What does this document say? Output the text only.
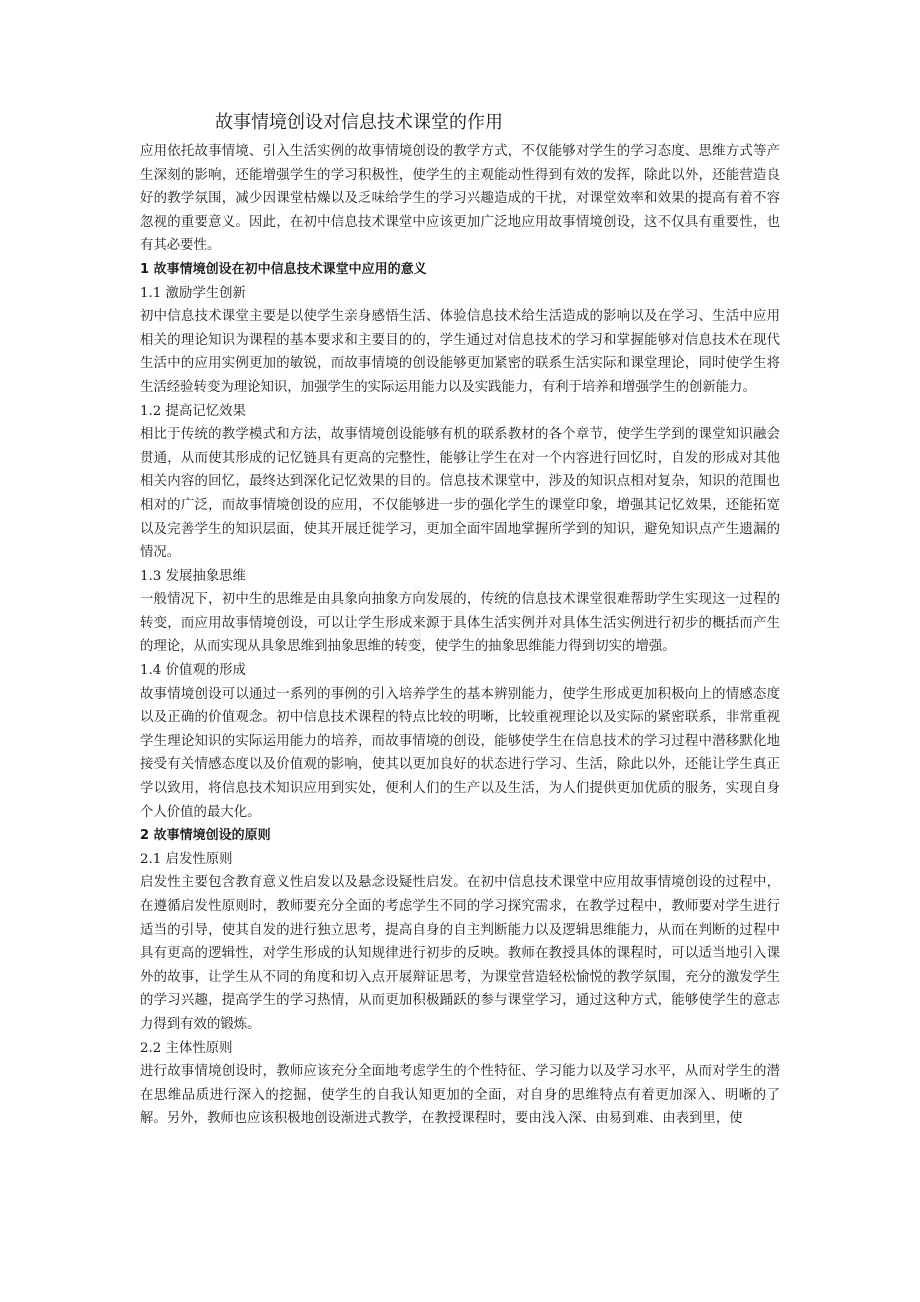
故事情境创设对信息技术课堂的作用

应用依托故事情境、引入生活实例的故事情境创设的教学方式，不仅能够对学生的学习态度、思维方式等产生深刻的影响，还能增强学生的学习积极性，使学生的主观能动性得到有效的发挥，除此以外，还能营造良好的教学氛围，减少因课堂枯燥以及乏味给学生的学习兴趣造成的干扰，对课堂效率和效果的提高有着不容忽视的重要意义。因此，在初中信息技术课堂中应该更加广泛地应用故事情境创设，这不仅具有重要性，也有其必要性。

1 故事情境创设在初中信息技术课堂中应用的意义

1.1 激励学生创新

初中信息技术课堂主要是以使学生亲身感悟生活、体验信息技术给生活造成的影响以及在学习、生活中应用相关的理论知识为课程的基本要求和主要目的的，学生通过对信息技术的学习和掌握能够对信息技术在现代生活中的应用实例更加的敏锐，而故事情境的创设能够更加紧密的联系生活实际和课堂理论，同时使学生将生活经验转变为理论知识，加强学生的实际运用能力以及实践能力，有利于培养和增强学生的创新能力。

1.2 提高记忆效果

相比于传统的教学模式和方法，故事情境创设能够有机的联系教材的各个章节，使学生学到的课堂知识融会贯通，从而使其形成的记忆链具有更高的完整性，能够让学生在对一个内容进行回忆时，自发的形成对其他相关内容的回忆，最终达到深化记忆效果的目的。信息技术课堂中，涉及的知识点相对复杂，知识的范围也相对的广泛，而故事情境创设的应用，不仅能够进一步的强化学生的课堂印象，增强其记忆效果，还能拓宽以及完善学生的知识层面，使其开展迁徙学习，更加全面牢固地掌握所学到的知识，避免知识点产生遗漏的情况。

1.3 发展抽象思维

一般情况下，初中生的思维是由具象向抽象方向发展的，传统的信息技术课堂很难帮助学生实现这一过程的转变，而应用故事情境创设，可以让学生形成来源于具体生活实例并对具体生活实例进行初步的概括而产生的理论，从而实现从具象思维到抽象思维的转变，使学生的抽象思维能力得到切实的增强。

1.4 价值观的形成

故事情境创设可以通过一系列的事例的引入培养学生的基本辨别能力，使学生形成更加积极向上的情感态度以及正确的价值观念。初中信息技术课程的特点比较的明晰，比较重视理论以及实际的紧密联系，非常重视学生理论知识的实际运用能力的培养，而故事情境的创设，能够使学生在信息技术的学习过程中潜移默化地接受有关情感态度以及价值观的影响，使其以更加良好的状态进行学习、生活，除此以外，还能让学生真正学以致用，将信息技术知识应用到实处，便利人们的生产以及生活，为人们提供更加优质的服务，实现自身个人价值的最大化。

2 故事情境创设的原则

2.1 启发性原则

启发性主要包含教育意义性启发以及悬念设疑性启发。在初中信息技术课堂中应用故事情境创设的过程中，在遵循启发性原则时，教师要充分全面的考虑学生不同的学习探究需求，在教学过程中，教师要对学生进行适当的引导，使其自发的进行独立思考，提高自身的自主判断能力以及逻辑思维能力，从而在判断的过程中具有更高的逻辑性，对学生形成的认知规律进行初步的反映。教师在教授具体的课程时，可以适当地引入课外的故事，让学生从不同的角度和切入点开展辩证思考，为课堂营造轻松愉悦的教学氛围，充分的激发学生的学习兴趣，提高学生的学习热情，从而更加积极踊跃的参与课堂学习，通过这种方式，能够使学生的意志力得到有效的锻炼。

2.2 主体性原则

进行故事情境创设时，教师应该充分全面地考虑学生的个性特征、学习能力以及学习水平，从而对学生的潜在思维品质进行深入的挖掘，使学生的自我认知更加的全面，对自身的思维特点有着更加深入、明晰的了解。另外，教师也应该积极地创设渐进式教学，在教授课程时，要由浅入深、由易到难、由表到里，使
